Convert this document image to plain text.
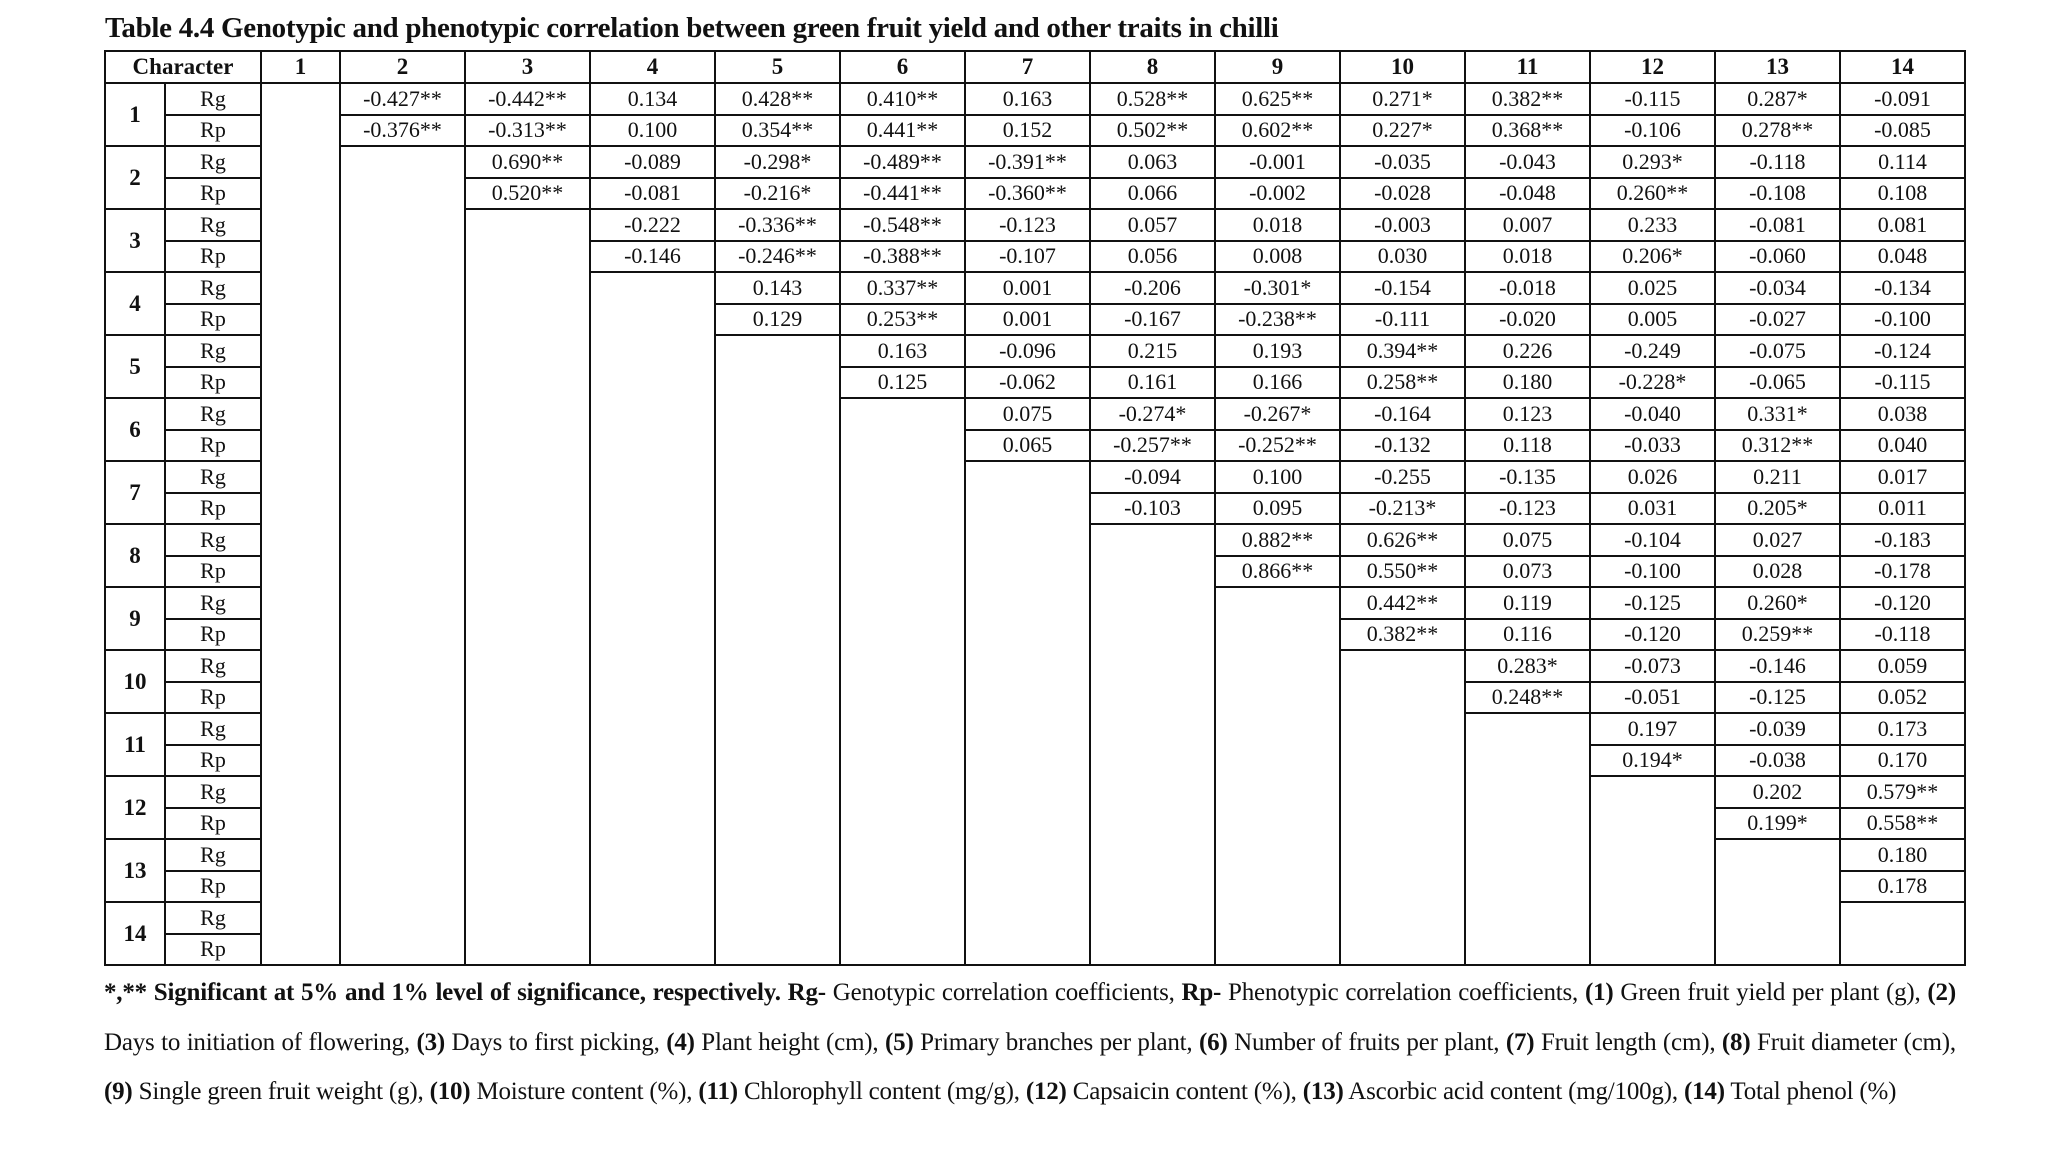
Table 4.4 Genotypic and phenotypic correlation between green fruit yield and other traits in chilli
Character		1	2	3	4	5	6	7	8	9	10	11	12	13	14
1	Rg		-0.427**	-0.442**	0.134	0.428**	0.410**	0.163	0.528**	0.625**	0.271*	0.382**	-0.115	0.287*	-0.091
	Rp		-0.376**	-0.313**	0.100	0.354**	0.441**	0.152	0.502**	0.602**	0.227*	0.368**	-0.106	0.278**	-0.085
2	Rg			0.690**	-0.089	-0.298*	-0.489**	-0.391**	0.063	-0.001	-0.035	-0.043	0.293*	-0.118	0.114
	Rp			0.520**	-0.081	-0.216*	-0.441**	-0.360**	0.066	-0.002	-0.028	-0.048	0.260**	-0.108	0.108
3	Rg				-0.222	-0.336**	-0.548**	-0.123	0.057	0.018	-0.003	0.007	0.233	-0.081	0.081
	Rp				-0.146	-0.246**	-0.388**	-0.107	0.056	0.008	0.030	0.018	0.206*	-0.060	0.048
4	Rg					0.143	0.337**	0.001	-0.206	-0.301*	-0.154	-0.018	0.025	-0.034	-0.134
	Rp					0.129	0.253**	0.001	-0.167	-0.238**	-0.111	-0.020	0.005	-0.027	-0.100
5	Rg						0.163	-0.096	0.215	0.193	0.394**	0.226	-0.249	-0.075	-0.124
	Rp						0.125	-0.062	0.161	0.166	0.258**	0.180	-0.228*	-0.065	-0.115
6	Rg							0.075	-0.274*	-0.267*	-0.164	0.123	-0.040	0.331*	0.038
	Rp							0.065	-0.257**	-0.252**	-0.132	0.118	-0.033	0.312**	0.040
7	Rg								-0.094	0.100	-0.255	-0.135	0.026	0.211	0.017
	Rp								-0.103	0.095	-0.213*	-0.123	0.031	0.205*	0.011
8	Rg									0.882**	0.626**	0.075	-0.104	0.027	-0.183
	Rp									0.866**	0.550**	0.073	-0.100	0.028	-0.178
9	Rg										0.442**	0.119	-0.125	0.260*	-0.120
	Rp										0.382**	0.116	-0.120	0.259**	-0.118
10	Rg											0.283*	-0.073	-0.146	0.059
	Rp											0.248**	-0.051	-0.125	0.052
11	Rg												0.197	-0.039	0.173
	Rp												0.194*	-0.038	0.170
12	Rg													0.202	0.579**
	Rp													0.199*	0.558**
13	Rg														0.180
	Rp														0.178
14	Rg														
	Rp														
*,** Significant at 5% and 1% level of significance, respectively. Rg- Genotypic correlation coefficients, Rp- Phenotypic correlation coefficients, (1) Green fruit yield per plant (g), (2) Days to initiation of flowering, (3) Days to first picking, (4) Plant height (cm), (5) Primary branches per plant, (6) Number of fruits per plant, (7) Fruit length (cm), (8) Fruit diameter (cm), (9) Single green fruit weight (g), (10) Moisture content (%), (11) Chlorophyll content (mg/g), (12) Capsaicin content (%), (13) Ascorbic acid content (mg/100g), (14) Total phenol (%)
